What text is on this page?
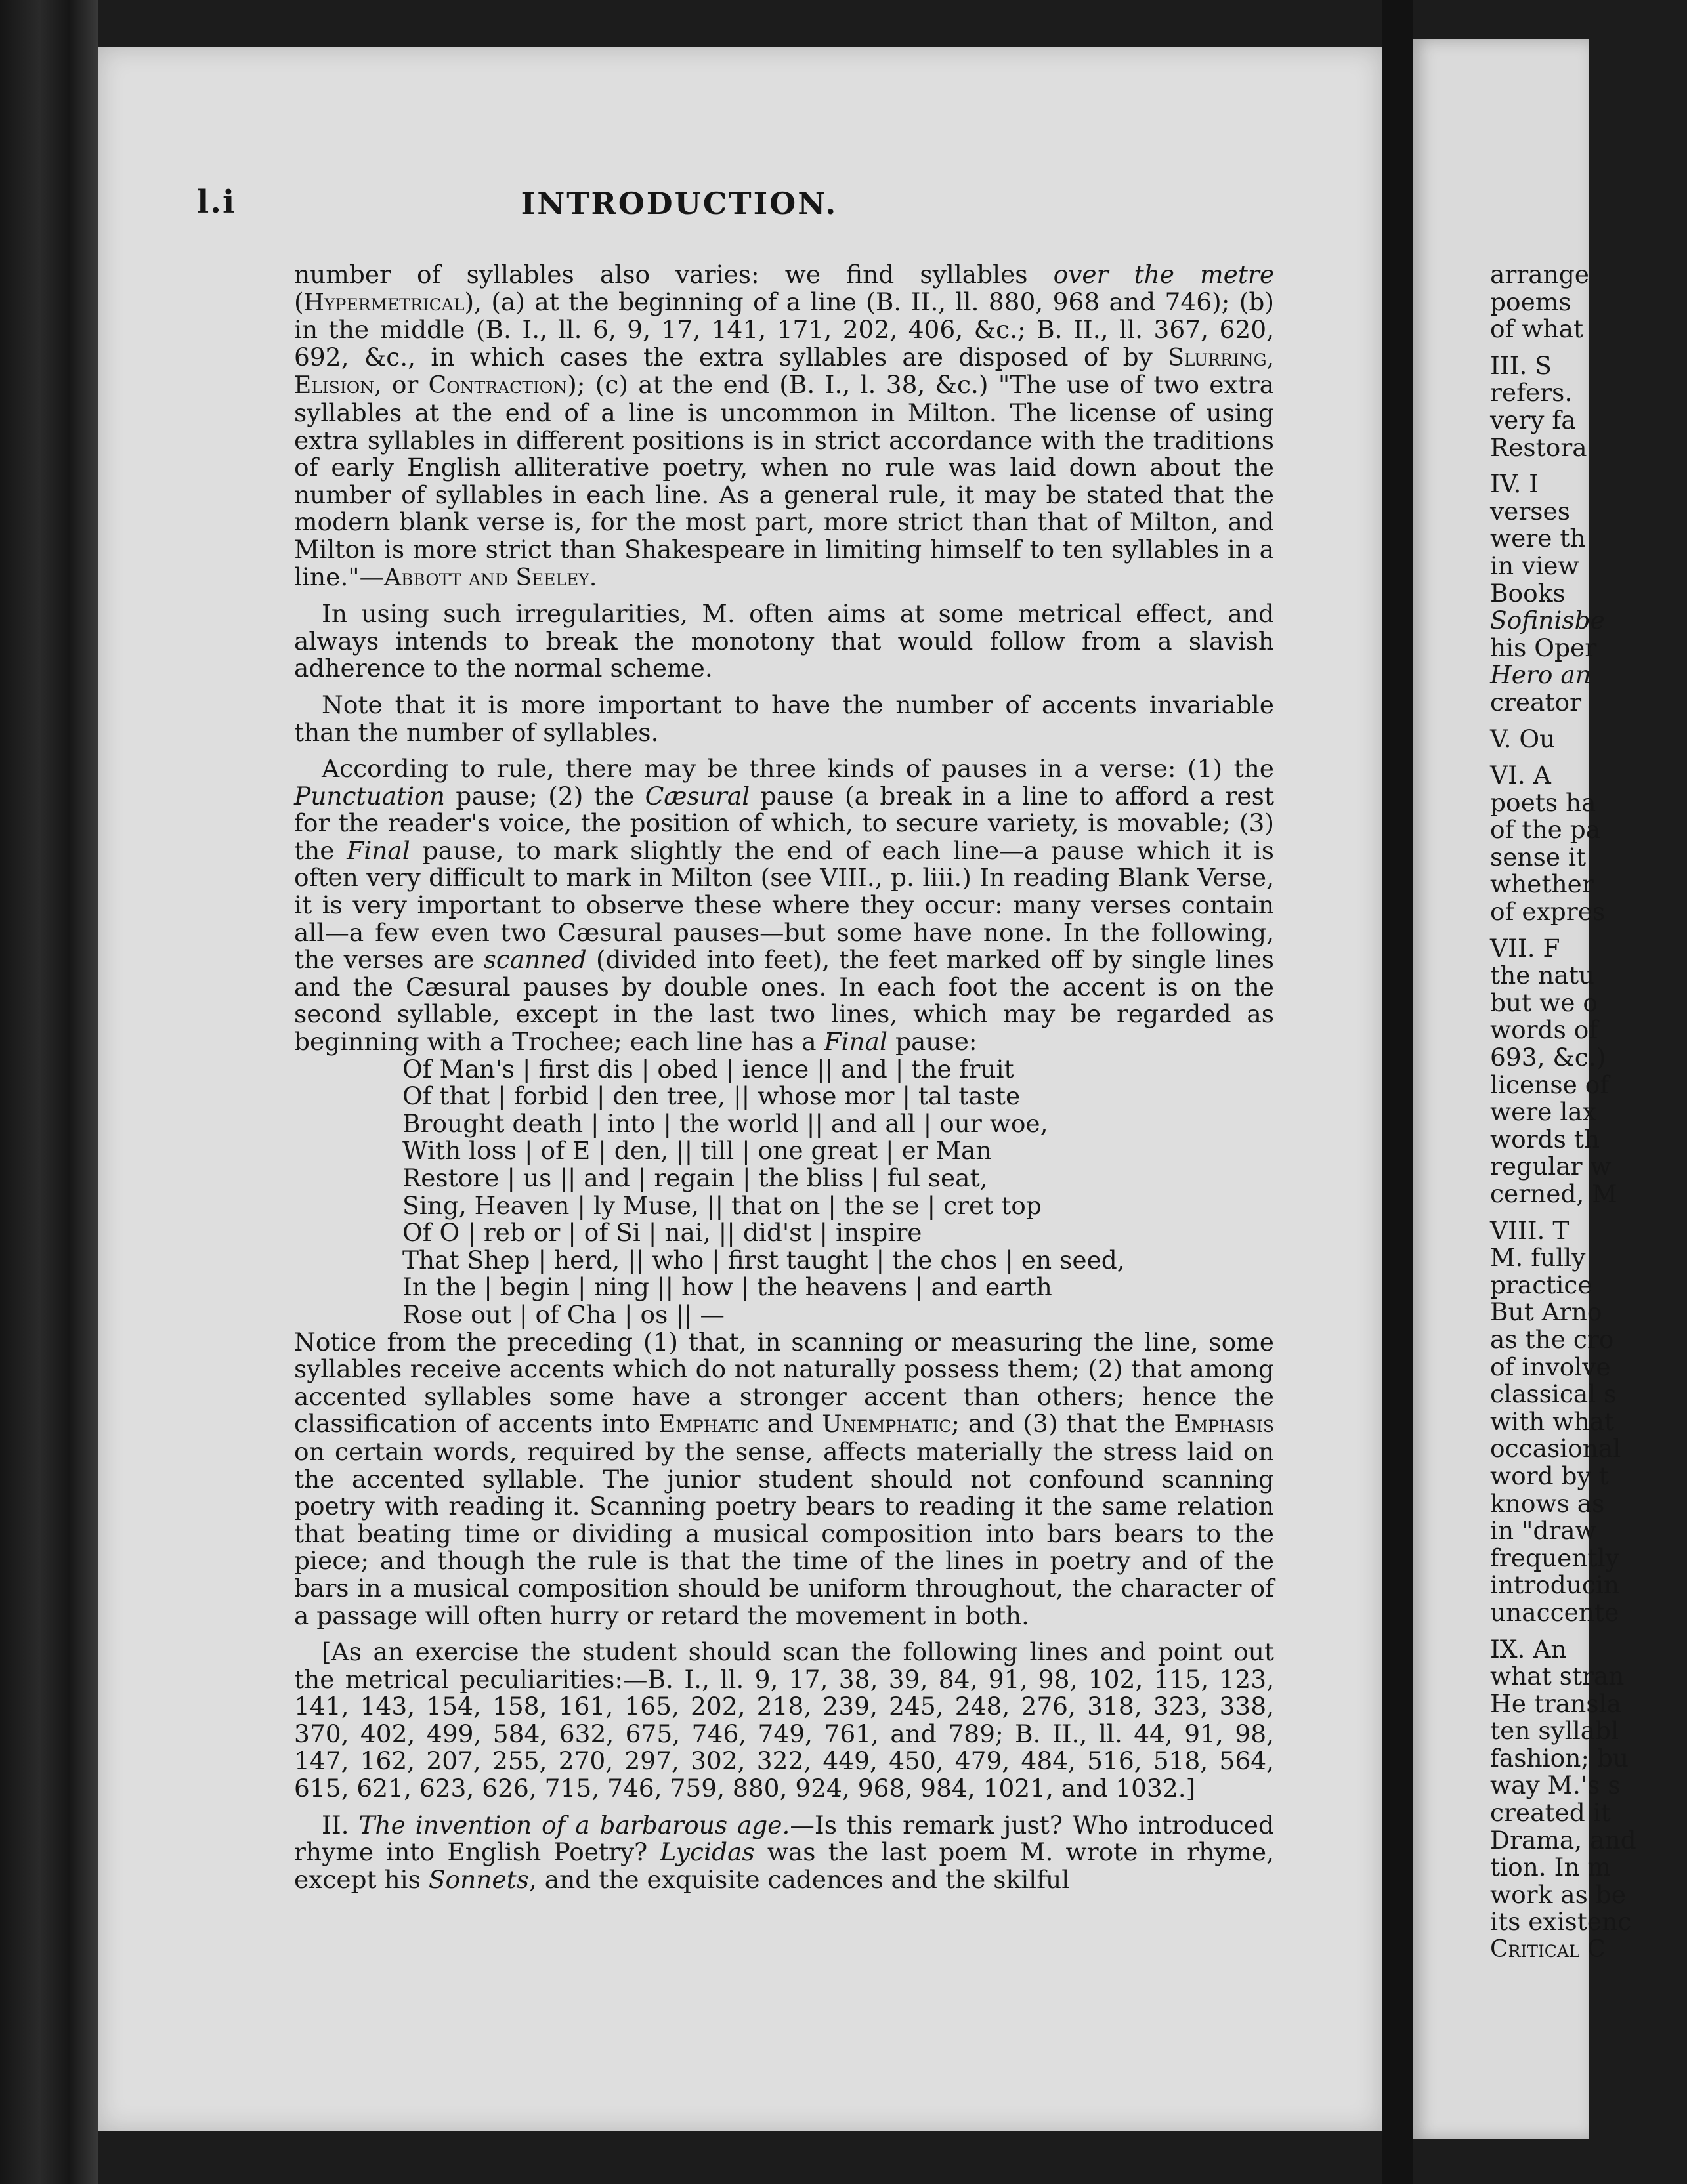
l.i	INTRODUCTION.

number of syllables also varies: we find syllables over the metre (Hypermetrical), (a) at the beginning of a line (B. II., ll. 880, 968 and 746); (b) in the middle (B. I., ll. 6, 9, 17, 141, 171, 202, 406, &c.; B. II., ll. 367, 620, 692, &c., in which cases the extra syllables are disposed of by Slurring, Elision, or Contraction); (c) at the end (B. I., l. 38, &c.) "The use of two extra syllables at the end of a line is uncommon in Milton. The license of using extra syllables in different positions is in strict accordance with the traditions of early English alliterative poetry, when no rule was laid down about the number of syllables in each line. As a general rule, it may be stated that the modern blank verse is, for the most part, more strict than that of Milton, and Milton is more strict than Shakespeare in limiting himself to ten syllables in a line."—Abbott and Seeley.

In using such irregularities, M. often aims at some metrical effect, and always intends to break the monotony that would follow from a slavish adherence to the normal scheme.

Note that it is more important to have the number of accents invariable than the number of syllables.

According to rule, there may be three kinds of pauses in a verse: (1) the Punctuation pause; (2) the Cæsural pause (a break in a line to afford a rest for the reader's voice, the position of which, to secure variety, is movable; (3) the Final pause, to mark slightly the end of each line—a pause which it is often very difficult to mark in Milton (see VIII., p. liii.) In reading Blank Verse, it is very important to observe these where they occur: many verses contain all—a few even two Cæsural pauses—but some have none. In the following, the verses are scanned (divided into feet), the feet marked off by single lines and the Cæsural pauses by double ones. In each foot the accent is on the second syllable, except in the last two lines, which may be regarded as beginning with a Trochee; each line has a Final pause:

Of Man's | first dis | obed | ience || and | the fruit
Of that | forbid | den tree, || whose mor | tal taste
Brought death | into | the world || and all | our woe,
With loss | of E | den, || till | one great | er Man
Restore | us || and | regain | the bliss | ful seat,
Sing, Heaven | ly Muse, || that on | the se | cret top
Of O | reb or | of Si | nai, || did'st | inspire
That Shep | herd, || who | first taught | the chos | en seed,
In the | begin | ning || how | the heavens | and earth
Rose out | of Cha | os || —

Notice from the preceding (1) that, in scanning or measuring the line, some syllables receive accents which do not naturally possess them; (2) that among accented syllables some have a stronger accent than others; hence the classification of accents into Emphatic and Unemphatic; and (3) that the Emphasis on certain words, required by the sense, affects materially the stress laid on the accented syllable. The junior student should not confound scanning poetry with reading it. Scanning poetry bears to reading it the same relation that beating time or dividing a musical composition into bars bears to the piece; and though the rule is that the time of the lines in poetry and of the bars in a musical composition should be uniform throughout, the character of a passage will often hurry or retard the movement in both.

[As an exercise the student should scan the following lines and point out the metrical peculiarities:—B. I., ll. 9, 17, 38, 39, 84, 91, 98, 102, 115, 123, 141, 143, 154, 158, 161, 165, 202, 218, 239, 245, 248, 276, 318, 323, 338, 370, 402, 499, 584, 632, 675, 746, 749, 761, and 789; B. II., ll. 44, 91, 98, 147, 162, 207, 255, 270, 297, 302, 322, 449, 450, 479, 484, 516, 518, 564, 615, 621, 623, 626, 715, 746, 759, 880, 924, 968, 984, 1021, and 1032.]

II. The invention of a barbarous age.—Is this remark just? Who introduced rhyme into English Poetry? Lycidas was the last poem M. wrote in rhyme, except his Sonnets, and the exquisite cadences and the skilful

arrange
poems
of what
III. S
refers.
very fa
Restora
IV. I
verses
were th
in view
Books
Sofinisbe
his Oper
Hero an
creator
V. Ou
VI. A
poets ha
of the pa
sense it
whether
of expres
VII. F
the natu
but we o
words of
693, &c.)
license of
were lax
words th
regular w
cerned, M
VIII. T
M. fully
practice
But Arno
as the cro
of involve
classical s
with what
occasional
word by t
knows as
in "draw
frequently
introducin
unaccente
IX. An
what stran
He transla
ten syllabl
fashion; bu
way M.'s s
created it
Drama, and
tion. In m
work as be
its existenc
Critical C
